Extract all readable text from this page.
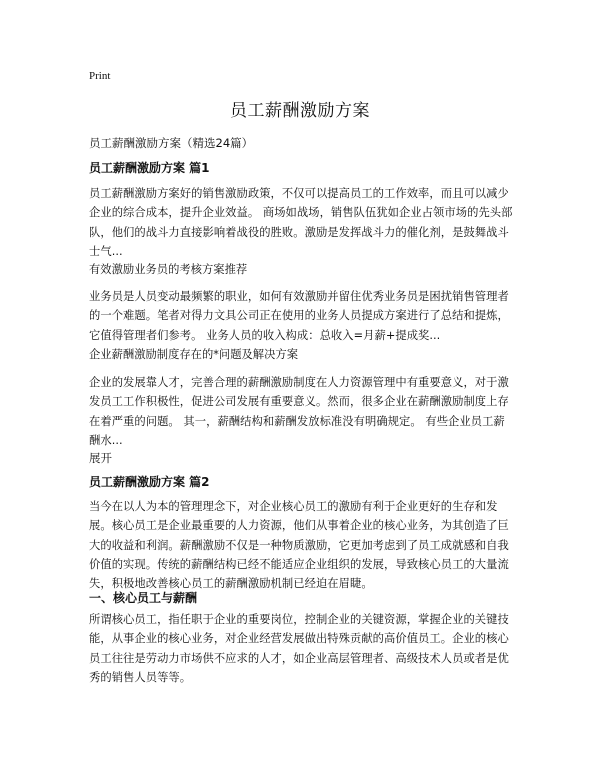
Print
员工薪酬激励方案

员工薪酬激励方案（精选24篇）

员工薪酬激励方案 篇1

员工薪酬激励方案好的销售激励政策，不仅可以提高员工的工作效率，而且可以减少企业的综合成本，提升企业效益。 商场如战场，销售队伍犹如企业占领市场的先头部队，他们的战斗力直接影响着战役的胜败。激励是发挥战斗力的催化剂，是鼓舞战斗士气...

有效激励业务员的考核方案推荐

业务员是人员变动最频繁的职业，如何有效激励并留住优秀业务员是困扰销售管理者的一个难题。笔者对得力文具公司正在使用的业务人员提成方案进行了总结和提炼，它值得管理者们参考。 业务人员的收入构成：总收入=月薪+提成奖...

企业薪酬激励制度存在的*问题及解决方案

企业的发展靠人才，完善合理的薪酬激励制度在人力资源管理中有重要意义，对于激发员工工作积极性，促进公司发展有重要意义。然而，很多企业在薪酬激励制度上存在着严重的问题。 其一，薪酬结构和薪酬发放标准没有明确规定。 有些企业员工薪酬水...

展开

员工薪酬激励方案 篇2

当今在以人为本的管理理念下，对企业核心员工的激励有利于企业更好的生存和发展。核心员工是企业最重要的人力资源，他们从事着企业的核心业务，为其创造了巨大的收益和利润。薪酬激励不仅是一种物质激励，它更加考虑到了员工成就感和自我价值的实现。传统的薪酬结构已经不能适应企业组织的发展，导致核心员工的大量流失，积极地改善核心员工的薪酬激励机制已经迫在眉睫。

一、核心员工与薪酬

所谓核心员工，指任职于企业的重要岗位，控制企业的关键资源，掌握企业的关键技能，从事企业的核心业务，对企业经营发展做出特殊贡献的高价值员工。企业的核心员工往往是劳动力市场供不应求的人才，如企业高层管理者、高级技术人员或者是优秀的销售人员等等。
